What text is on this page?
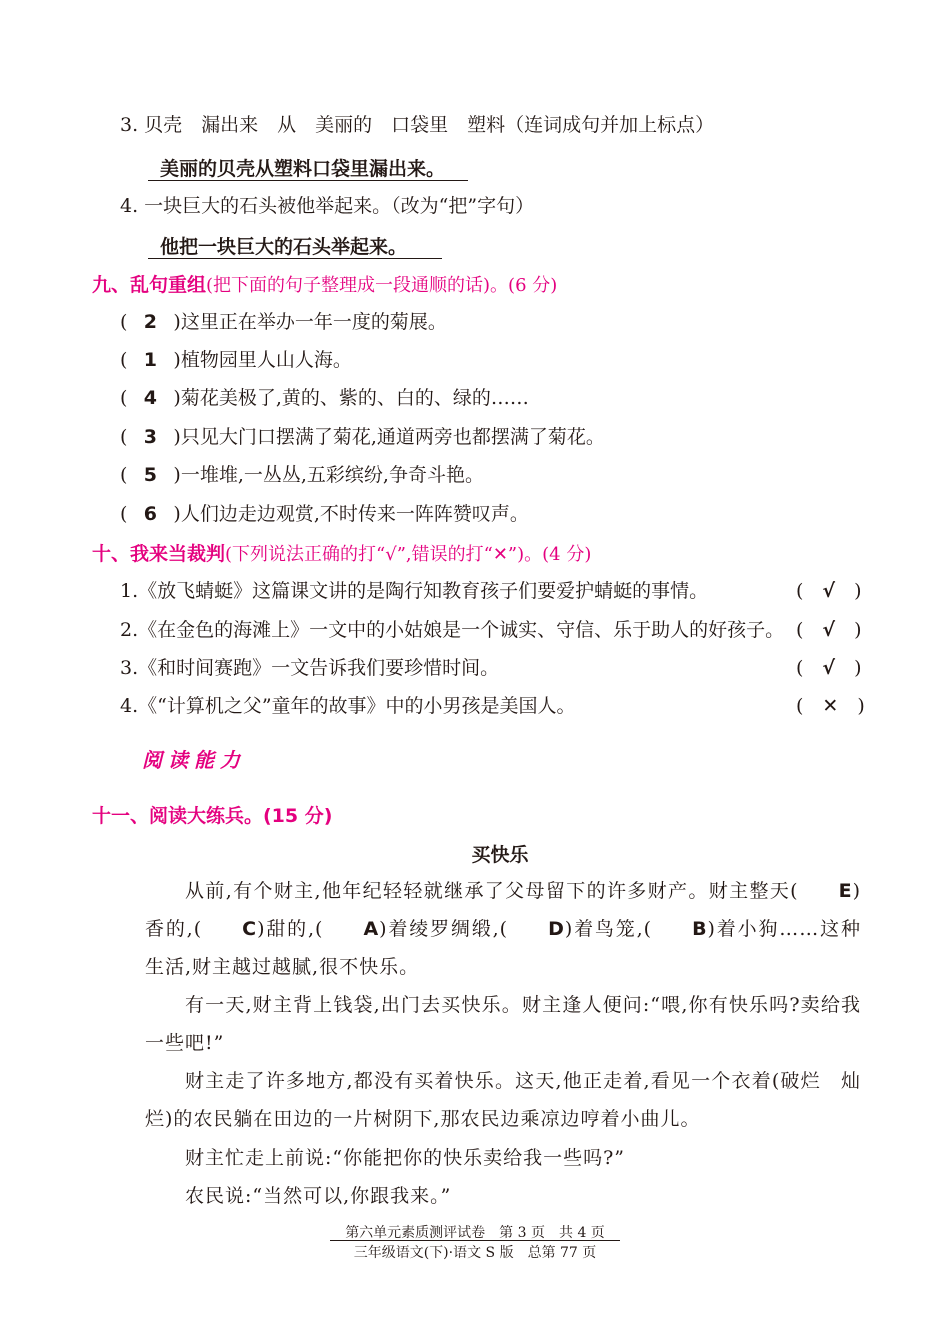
3. 贝壳　漏出来　从　美丽的　口袋里　塑料（连词成句并加上标点）
美丽的贝壳从塑料口袋里漏出来。
4. 一块巨大的石头被他举起来。（改为“把”字句）
他把一块巨大的石头举起来。
九、乱句重组(把下面的句子整理成一段通顺的话)。(6 分)
( 2 )这里正在举办一年一度的菊展。
( 1 )植物园里人山人海。
( 4 )菊花美极了,黄的、紫的、白的、绿的……
( 3 )只见大门口摆满了菊花,通道两旁也都摆满了菊花。
( 5 )一堆堆,一丛丛,五彩缤纷,争奇斗艳。
( 6 )人们边走边观赏,不时传来一阵阵赞叹声。
十、我来当裁判(下列说法正确的打“√”,错误的打“✕”)。(4 分)
1.《放飞蜻蜓》这篇课文讲的是陶行知教育孩子们要爱护蜻蜓的事情。	(　√　)
2.《在金色的海滩上》一文中的小姑娘是一个诚实、守信、乐于助人的好孩子。 (　√　)
3.《和时间赛跑》一文告诉我们要珍惜时间。	(　√　)
4.《“计算机之父”童年的故事》中的小男孩是美国人。	(　✕　)
阅读能力
十一、阅读大练兵。(15 分)
买快乐
从前,有个财主,他年纪轻轻就继承了父母留下的许多财产。财主整天( E)香的,( C)甜的,( A)着绫罗绸缎,( D)着鸟笼,( B)着小狗……这种生活,财主越过越腻,很不快乐。
有一天,财主背上钱袋,出门去买快乐。财主逢人便问:“喂,你有快乐吗?卖给我一些吧!”
财主走了许多地方,都没有买着快乐。这天,他正走着,看见一个衣着(破烂　灿烂)的农民躺在田边的一片树阴下,那农民边乘凉边哼着小曲儿。
财主忙走上前说:“你能把你的快乐卖给我一些吗?”
农民说:“当然可以,你跟我来。”
第六单元素质测评试卷　第 3 页　共 4 页
三年级语文(下)·语文 S 版　总第 77 页
